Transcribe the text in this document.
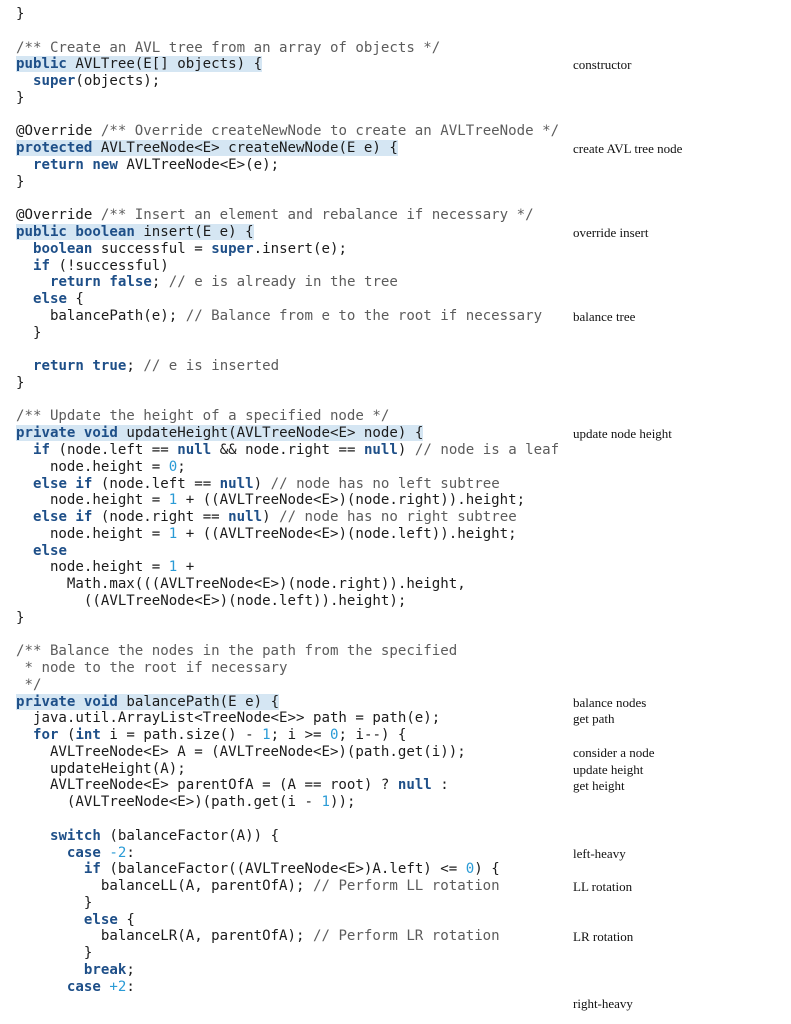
}
/** Create an AVL tree from an array of objects */
public AVLTree(E[] objects) {
super(objects);
}
@Override /** Override createNewNode to create an AVLTreeNode */
protected AVLTreeNode<E> createNewNode(E e) {
return new AVLTreeNode<E>(e);
}
@Override /** Insert an element and rebalance if necessary */
public boolean insert(E e) {
boolean successful = super.insert(e);
if (!successful)
return false; // e is already in the tree
else {
balancePath(e); // Balance from e to the root if necessary
}
return true; // e is inserted
}
/** Update the height of a specified node */
private void updateHeight(AVLTreeNode<E> node) {
if (node.left == null && node.right == null) // node is a leaf
node.height = 0;
else if (node.left == null) // node has no left subtree
node.height = 1 + ((AVLTreeNode<E>)(node.right)).height;
else if (node.right == null) // node has no right subtree
node.height = 1 + ((AVLTreeNode<E>)(node.left)).height;
else
node.height = 1 +
Math.max(((AVLTreeNode<E>)(node.right)).height,
((AVLTreeNode<E>)(node.left)).height);
}
/** Balance the nodes in the path from the specified
* node to the root if necessary
*/
private void balancePath(E e) {
java.util.ArrayList<TreeNode<E>> path = path(e);
for (int i = path.size() - 1; i >= 0; i--) {
AVLTreeNode<E> A = (AVLTreeNode<E>)(path.get(i));
updateHeight(A);
AVLTreeNode<E> parentOfA = (A == root) ? null :
(AVLTreeNode<E>)(path.get(i - 1));
switch (balanceFactor(A)) {
case -2:
if (balanceFactor((AVLTreeNode<E>)A.left) <= 0) {
balanceLL(A, parentOfA); // Perform LL rotation
}
else {
balanceLR(A, parentOfA); // Perform LR rotation
}
break;
case +2:
constructor
create AVL tree node
override insert
balance tree
update node height
balance nodes
get path
consider a node
update height
get height
left-heavy
LL rotation
LR rotation
right-heavy
